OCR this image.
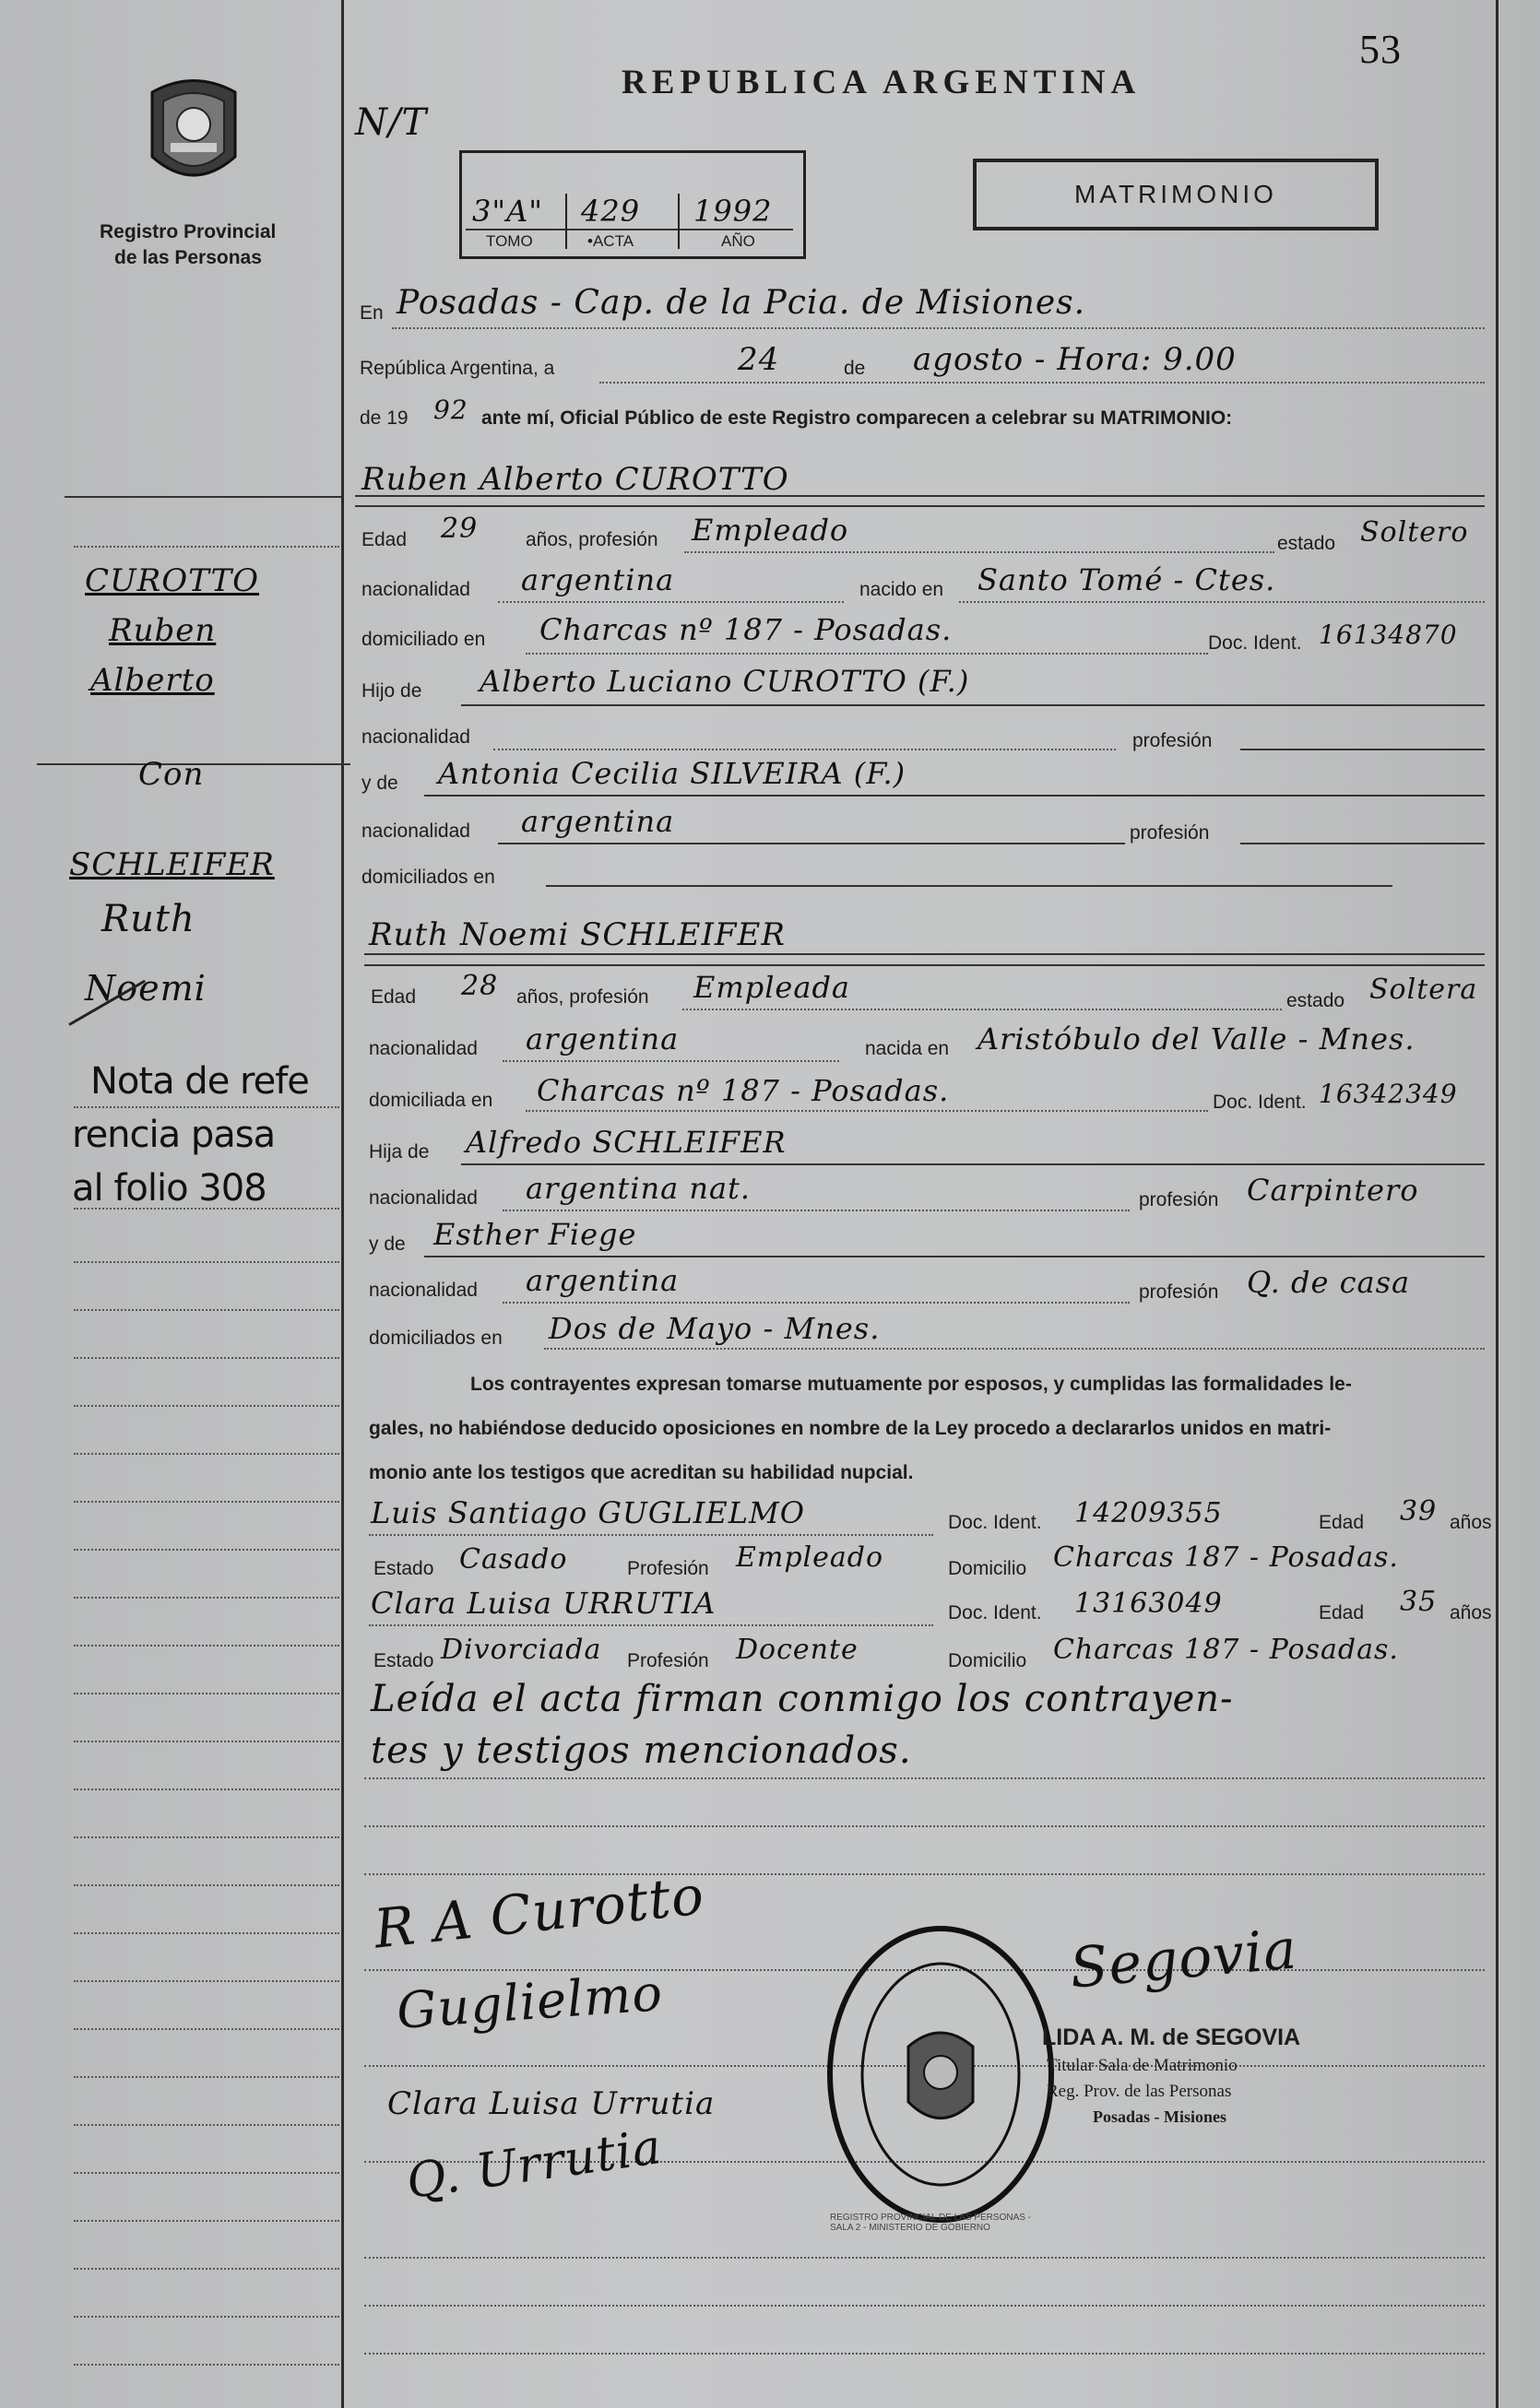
Registro Provincial
de las Personas
REPUBLICA ARGENTINA
53
N/T
3"A" 429 1992
TOMO	•ACTA	AÑO
MATRIMONIO
En Posadas - Cap. de la Pcia. de Misiones.
República Argentina, a	24	de agosto - Hora: 9.00
de 19 92 ante mí, Oficial Público de este Registro comparecen a celebrar su MATRIMONIO:
Ruben Alberto CUROTTO
Edad 29 años, profesión Empleado	estado Soltero
nacionalidad argentina	nacido en Santo Tomé - Ctes.
domiciliado en Charcas nº 187 - Posadas.	Doc. Ident. 16134870
Hijo de Alberto Luciano CUROTTO (F.)
nacionalidad	profesión
y de Antonia Cecilia SILVEIRA (F.)
nacionalidad argentina	profesión
domiciliados en
Ruth Noemi SCHLEIFER
Edad 28 años, profesión Empleada	estado Soltera
nacionalidad argentina	nacida en Aristóbulo del Valle - Mnes.
domiciliada en Charcas nº 187 - Posadas.	Doc. Ident. 16342349
Hija de Alfredo SCHLEIFER
nacionalidad argentina nat.	profesión Carpintero
y de Esther Fiege
nacionalidad argentina	profesión Q. de casa
domiciliados en Dos de Mayo - Mnes.
Los contrayentes expresan tomarse mutuamente por esposos, y cumplidas las formalidades le-
gales, no habiéndose deducido oposiciones en nombre de la Ley procedo a declararlos unidos en matri-
monio ante los testigos que acreditan su habilidad nupcial.
Luis Santiago GUGLIELMO	Doc. Ident. 14209355	Edad 39 años
Estado Casado	Profesión Empleado	Domicilio Charcas 187 - Posadas.
Clara Luisa URRUTIA	Doc. Ident. 13163049	Edad 35 años
Estado Divorciada Profesión Docente	Domicilio Charcas 187 - Posadas.
Leída el acta firman conmigo los contrayen-
tes y testigos mencionados.
R A Curotto
Guglielmo
Clara Luisa Urrutia
Q. Urrutia
REGISTRO PROVINCIAL DE LAS PERSONAS - SALA 2 - MINISTERIO DE GOBIERNO
Segovia
LIDA A. M. de SEGOVIA
Titular Sala de Matrimonio
Reg. Prov. de las Personas
Posadas - Misiones
CUROTTO
Ruben
Alberto
Con
SCHLEIFER
Ruth
Noemi
Nota de refe
rencia pasa
al folio 308
